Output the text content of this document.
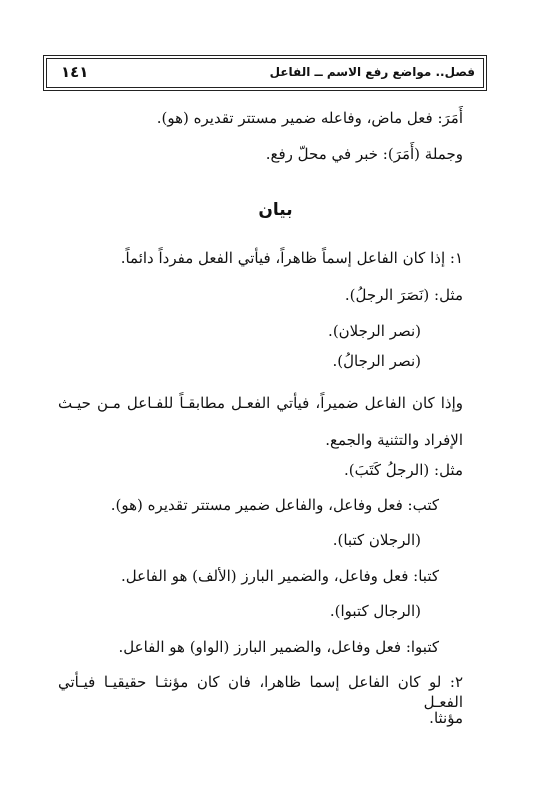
فصل.. مواضع رفع الاسم ــ الفاعل
١٤١
أَمَرَ: فعل ماض، وفاعله ضمير مستتر تقديره (هو).
وجملة (أَمَرَ): خبر في محلّ رفع.
بيان
١: إذا كان الفاعل إسماً ظاهراً، فيأتي الفعل مفرداً دائماً.
مثل: (نَصَرَ الرجلُ).
(نصر الرجلان).
(نصر الرجالُ).
وإذا كان الفاعل ضميراً، فيأتي الفعـل مطابقـاً للفـاعل مـن حيـث
الإفراد والتثنية والجمع.
مثل: (الرجلُ كَتَبَ).
كتب: فعل وفاعل، والفاعل ضمير مستتر تقديره (هو).
(الرجلان كتبا).
كتبا: فعل وفاعل، والضمير البارز (الألف) هو الفاعل.
(الرجال كتبوا).
كتبوا: فعل وفاعل، والضمير البارز (الواو) هو الفاعل.
٢: لو كان الفاعل إسما ظاهرا، فان كان مؤنثـا حقيقيـا فيـأتي الفعـل
مؤنثا.
